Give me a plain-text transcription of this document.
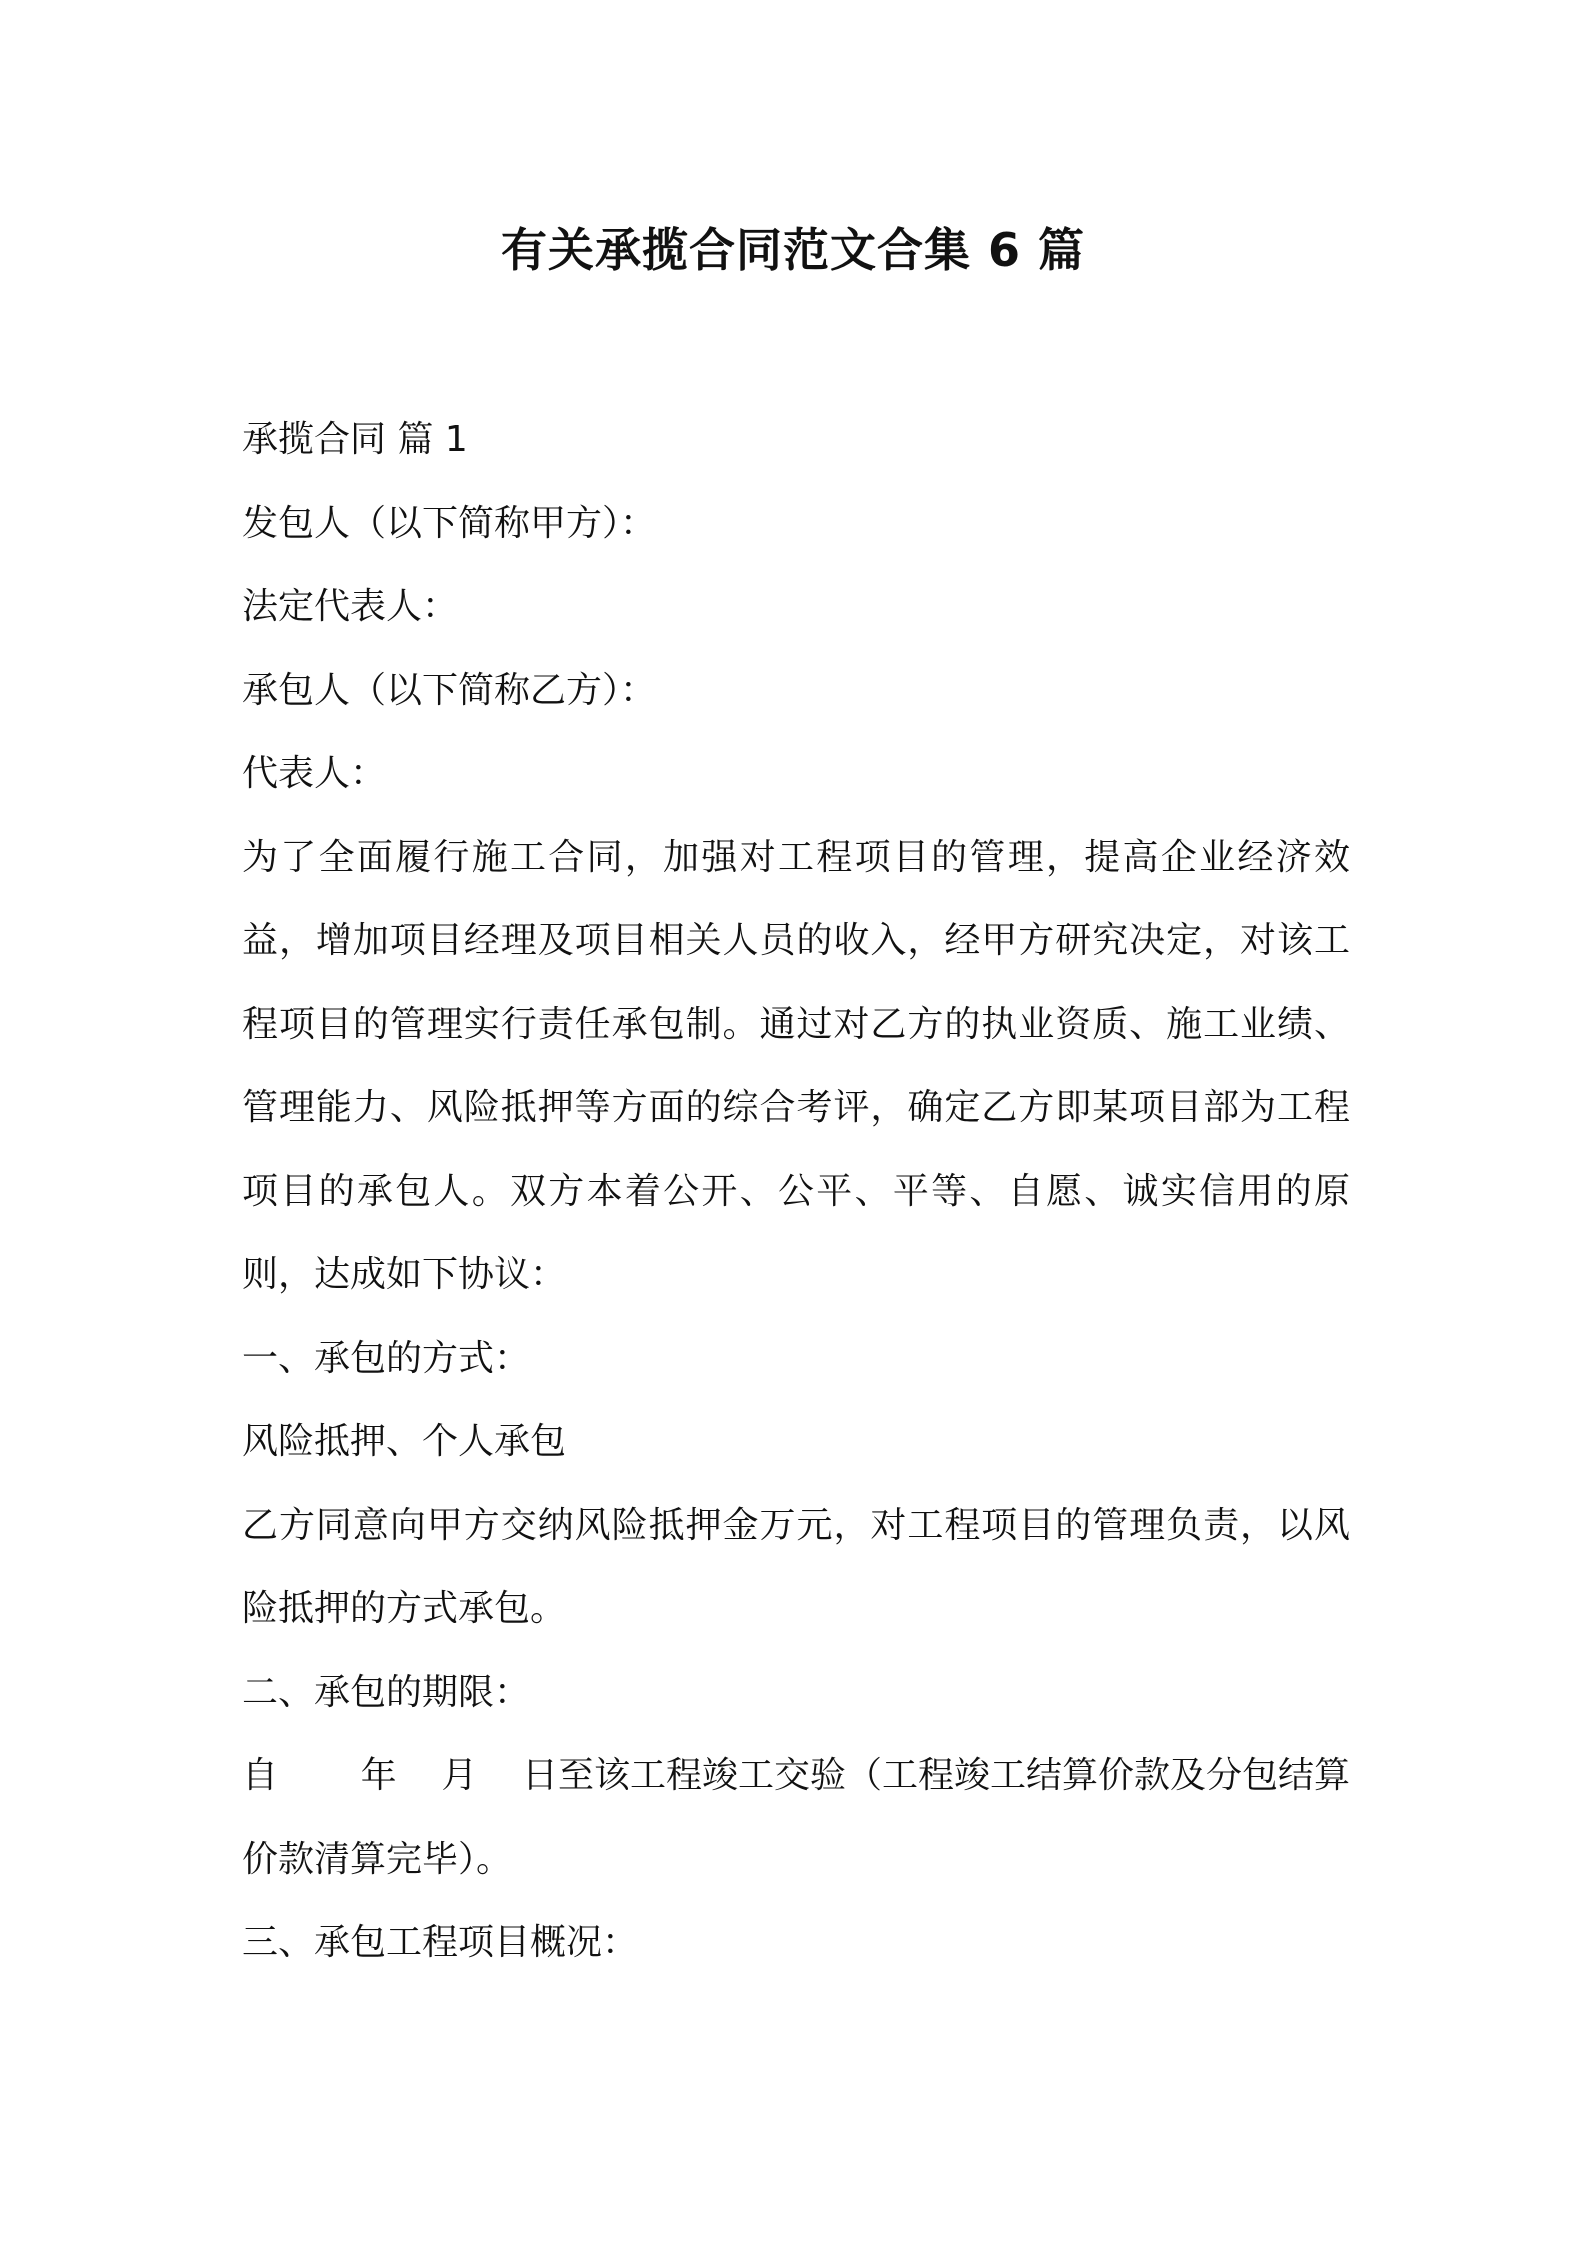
有关承揽合同范文合集 6 篇

承揽合同 篇 1

发包人（以下简称甲方）：

法定代表人：

承包人（以下简称乙方）：

代表人：

为了全面履行施工合同，加强对工程项目的管理，提高企业经济效益，增加项目经理及项目相关人员的收入，经甲方研究决定，对该工程项目的管理实行责任承包制。通过对乙方的执业资质、施工业绩、管理能力、风险抵押等方面的综合考评，确定乙方即某项目部为工程项目的承包人。双方本着公开、公平、平等、自愿、诚实信用的原则，达成如下协议：

一、承包的方式：

风险抵押、个人承包

乙方同意向甲方交纳风险抵押金万元，对工程项目的管理负责，以风险抵押的方式承包。

二、承包的期限：

自 年 月 日至该工程竣工交验（工程竣工结算价款及分包结算

价款清算完毕）。

三、承包工程项目概况：
